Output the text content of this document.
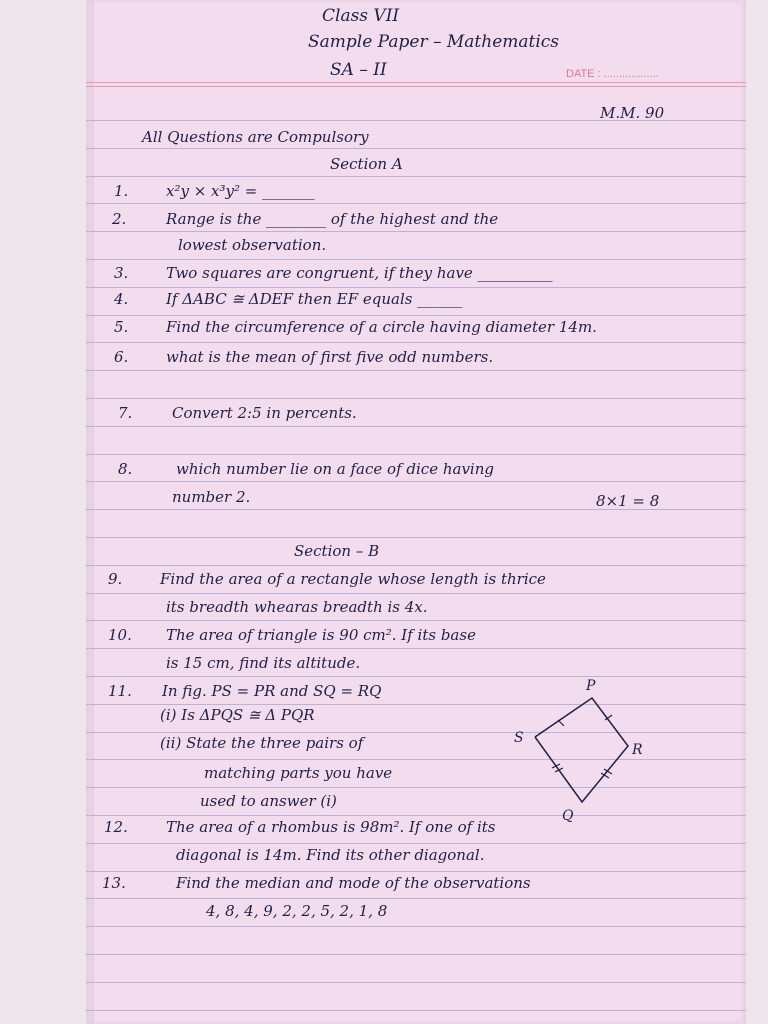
Class VII
Sample Paper – Mathematics
SA – II	DATE : ..................
M.M. 90
All Questions are Compulsory
Section A
1.	x²y × x³y² = _______
2.	Range is the ________ of the highest and the
lowest observation.
3.	Two squares are congruent, if they have __________
4.	If ΔABC ≅ ΔDEF then EF equals ______
5.	Find the circumference of a circle having diameter 14m.
6.	what is the mean of first five odd numbers.
7.	Convert 2:5 in percents.
8.	which number lie on a face of dice having
number 2.	8×1 = 8
Section – B
9.	Find the area of a rectangle whose length is thrice
its breadth whearas breadth is 4x.
10. The area of triangle is 90 cm². If its base
is 15 cm, find its altitude.
11. In fig. PS = PR and SQ = RQ
(i) Is ΔPQS ≅ Δ PQR
(ii) State the three pairs of
matching parts you have
used to answer (i)
12.	The area of a rhombus is 98m². If one of its
diagonal is 14m. Find its other diagonal.
13.	Find the median and mode of the observations
4, 8, 4, 9, 2, 2, 5, 2, 1, 8
P
S
R
Q
